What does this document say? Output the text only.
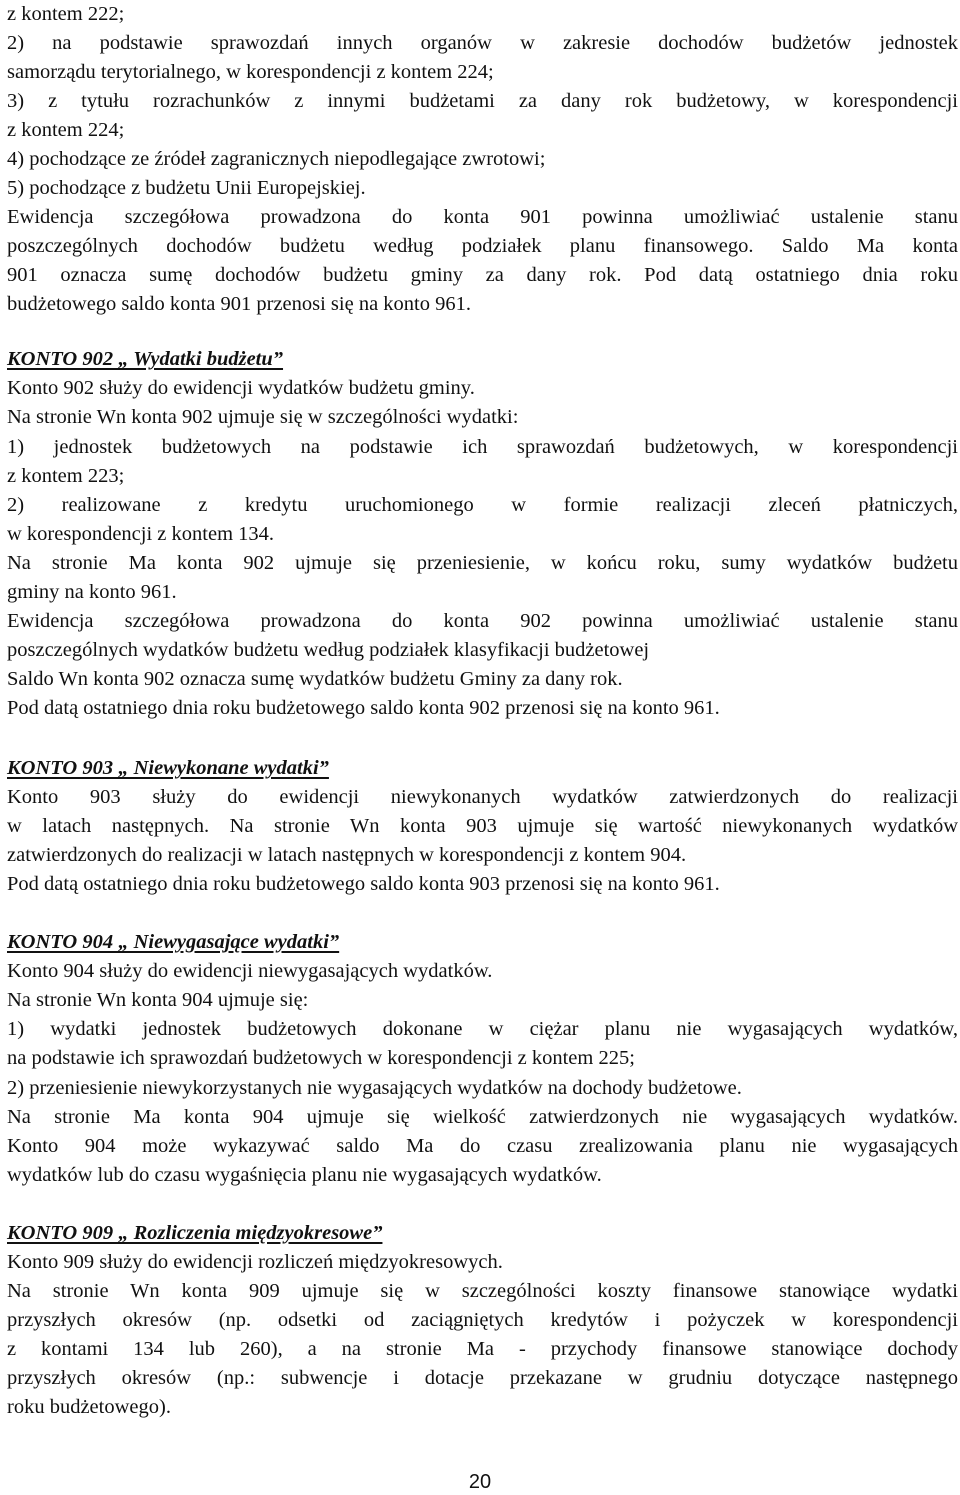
z kontem 222;
2) na podstawie sprawozdań innych organów w zakresie dochodów budżetów jednostek
samorządu terytorialnego, w korespondencji z kontem 224;
3) z tytułu rozrachunków z innymi budżetami za dany rok budżetowy, w korespondencji
z kontem 224;
4) pochodzące ze źródeł zagranicznych niepodlegające zwrotowi;
5) pochodzące z budżetu Unii Europejskiej.
Ewidencja szczegółowa prowadzona do konta 901 powinna umożliwiać ustalenie stanu
poszczególnych dochodów budżetu według podziałek planu finansowego. Saldo Ma konta
901 oznacza sumę dochodów budżetu gminy za dany rok. Pod datą ostatniego dnia roku
budżetowego saldo konta 901 przenosi się na konto 961.
KONTO 902 „ Wydatki budżetu”
Konto 902 służy do ewidencji wydatków budżetu gminy.
Na stronie Wn konta 902 ujmuje się w szczególności wydatki:
1) jednostek budżetowych na podstawie ich sprawozdań budżetowych, w korespondencji
z kontem 223;
2) realizowane z kredytu uruchomionego w formie realizacji zleceń płatniczych,
w korespondencji z kontem 134.
Na stronie Ma konta 902 ujmuje się przeniesienie, w końcu roku, sumy wydatków budżetu
gminy na konto 961.
Ewidencja szczegółowa prowadzona do konta 902 powinna umożliwiać ustalenie stanu
poszczególnych wydatków budżetu według podziałek klasyfikacji budżetowej
Saldo Wn konta 902 oznacza sumę wydatków budżetu Gminy za dany rok.
Pod datą ostatniego dnia roku budżetowego saldo konta 902 przenosi się na konto 961.
KONTO 903 „ Niewykonane wydatki”
Konto 903 służy do ewidencji niewykonanych wydatków zatwierdzonych do realizacji
w latach następnych. Na stronie Wn konta 903 ujmuje się wartość niewykonanych wydatków
zatwierdzonych do realizacji w latach następnych w korespondencji z kontem 904.
Pod datą ostatniego dnia roku budżetowego saldo konta 903 przenosi się na konto 961.
KONTO 904 „ Niewygasające wydatki”
Konto 904 służy do ewidencji niewygasających wydatków.
Na stronie Wn konta 904 ujmuje się:
1) wydatki jednostek budżetowych dokonane w ciężar planu nie wygasających wydatków,
na podstawie ich sprawozdań budżetowych w korespondencji z kontem 225;
2) przeniesienie niewykorzystanych nie wygasających wydatków na dochody budżetowe.
Na stronie Ma konta 904 ujmuje się wielkość zatwierdzonych nie wygasających wydatków.
Konto 904 może wykazywać saldo Ma do czasu zrealizowania planu nie wygasających
wydatków lub do czasu wygaśnięcia planu nie wygasających wydatków.
KONTO 909 „ Rozliczenia międzyokresowe”
Konto 909 służy do ewidencji rozliczeń międzyokresowych.
Na stronie Wn konta 909 ujmuje się w szczególności koszty finansowe stanowiące wydatki
przyszłych okresów (np. odsetki od zaciągniętych kredytów i pożyczek w korespondencji
z kontami 134 lub 260), a na stronie Ma - przychody finansowe stanowiące dochody
przyszłych okresów (np.: subwencje i dotacje przekazane w grudniu dotyczące następnego
roku budżetowego).
20
